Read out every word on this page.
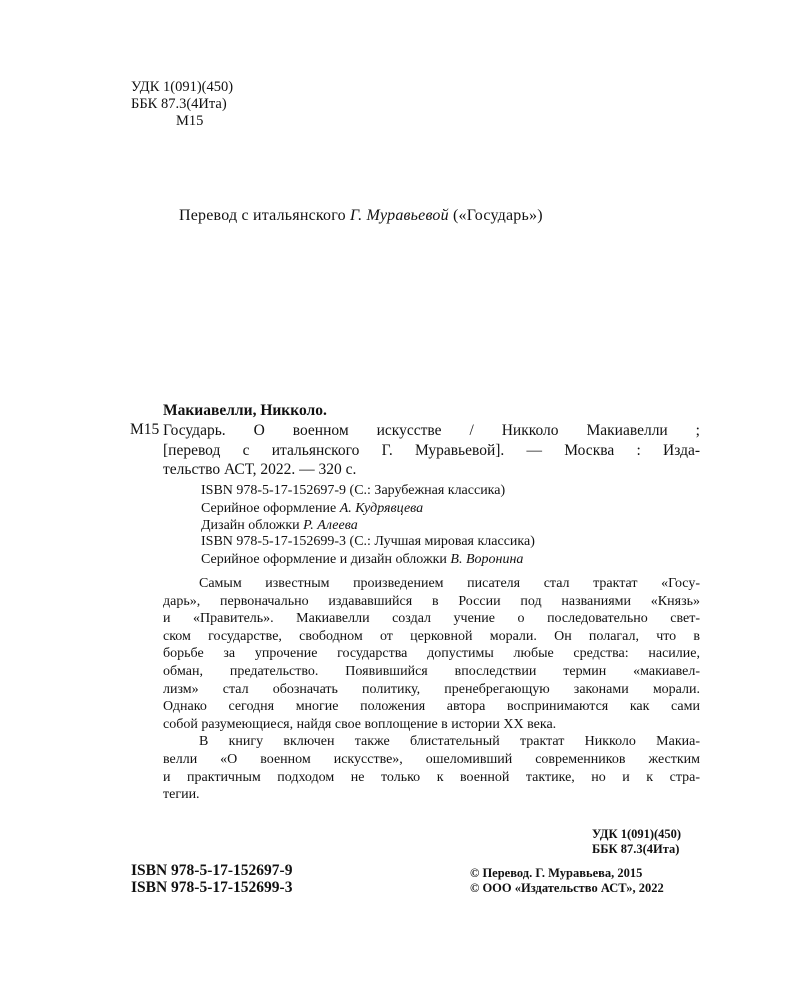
УДК 1(091)(450)
ББК 87.3(4Ита)
М15
Перевод с итальянского Г. Муравьевой («Государь»)
Макиавелли, Никколо.
М15 Государь. О военном искусстве / Никколо Макиавелли ;
[перевод с итальянского Г. Муравьевой]. — Москва : Изда-
тельство АСТ, 2022. — 320 с.
ISBN 978-5-17-152697-9 (С.: Зарубежная классика)
Серийное оформление А. Кудрявцева
Дизайн обложки Р. Алеева
ISBN 978-5-17-152699-3 (С.: Лучшая мировая классика)
Серийное оформление и дизайн обложки В. Воронина
Самым известным произведением писателя стал трактат «Госу-
дарь», первоначально издававшийся в России под названиями «Князь»
и «Правитель». Макиавелли создал учение о последовательно свет-
ском государстве, свободном от церковной морали. Он полагал, что в
борьбе за упрочение государства допустимы любые средства: насилие,
обман, предательство. Появившийся впоследствии термин «макиавел-
лизм» стал обозначать политику, пренебрегающую законами морали.
Однако сегодня многие положения автора воспринимаются как сами
собой разумеющиеся, найдя свое воплощение в истории XX века.
В книгу включен также блистательный трактат Никколо Макиа-
велли «О военном искусстве», ошеломивший современников жестким
и практичным подходом не только к военной тактике, но и к стра-
тегии.
УДК 1(091)(450)
ББК 87.3(4Ита)
ISBN 978-5-17-152697-9
ISBN 978-5-17-152699-3
© Перевод. Г. Муравьева, 2015
© ООО «Издательство АСТ», 2022
